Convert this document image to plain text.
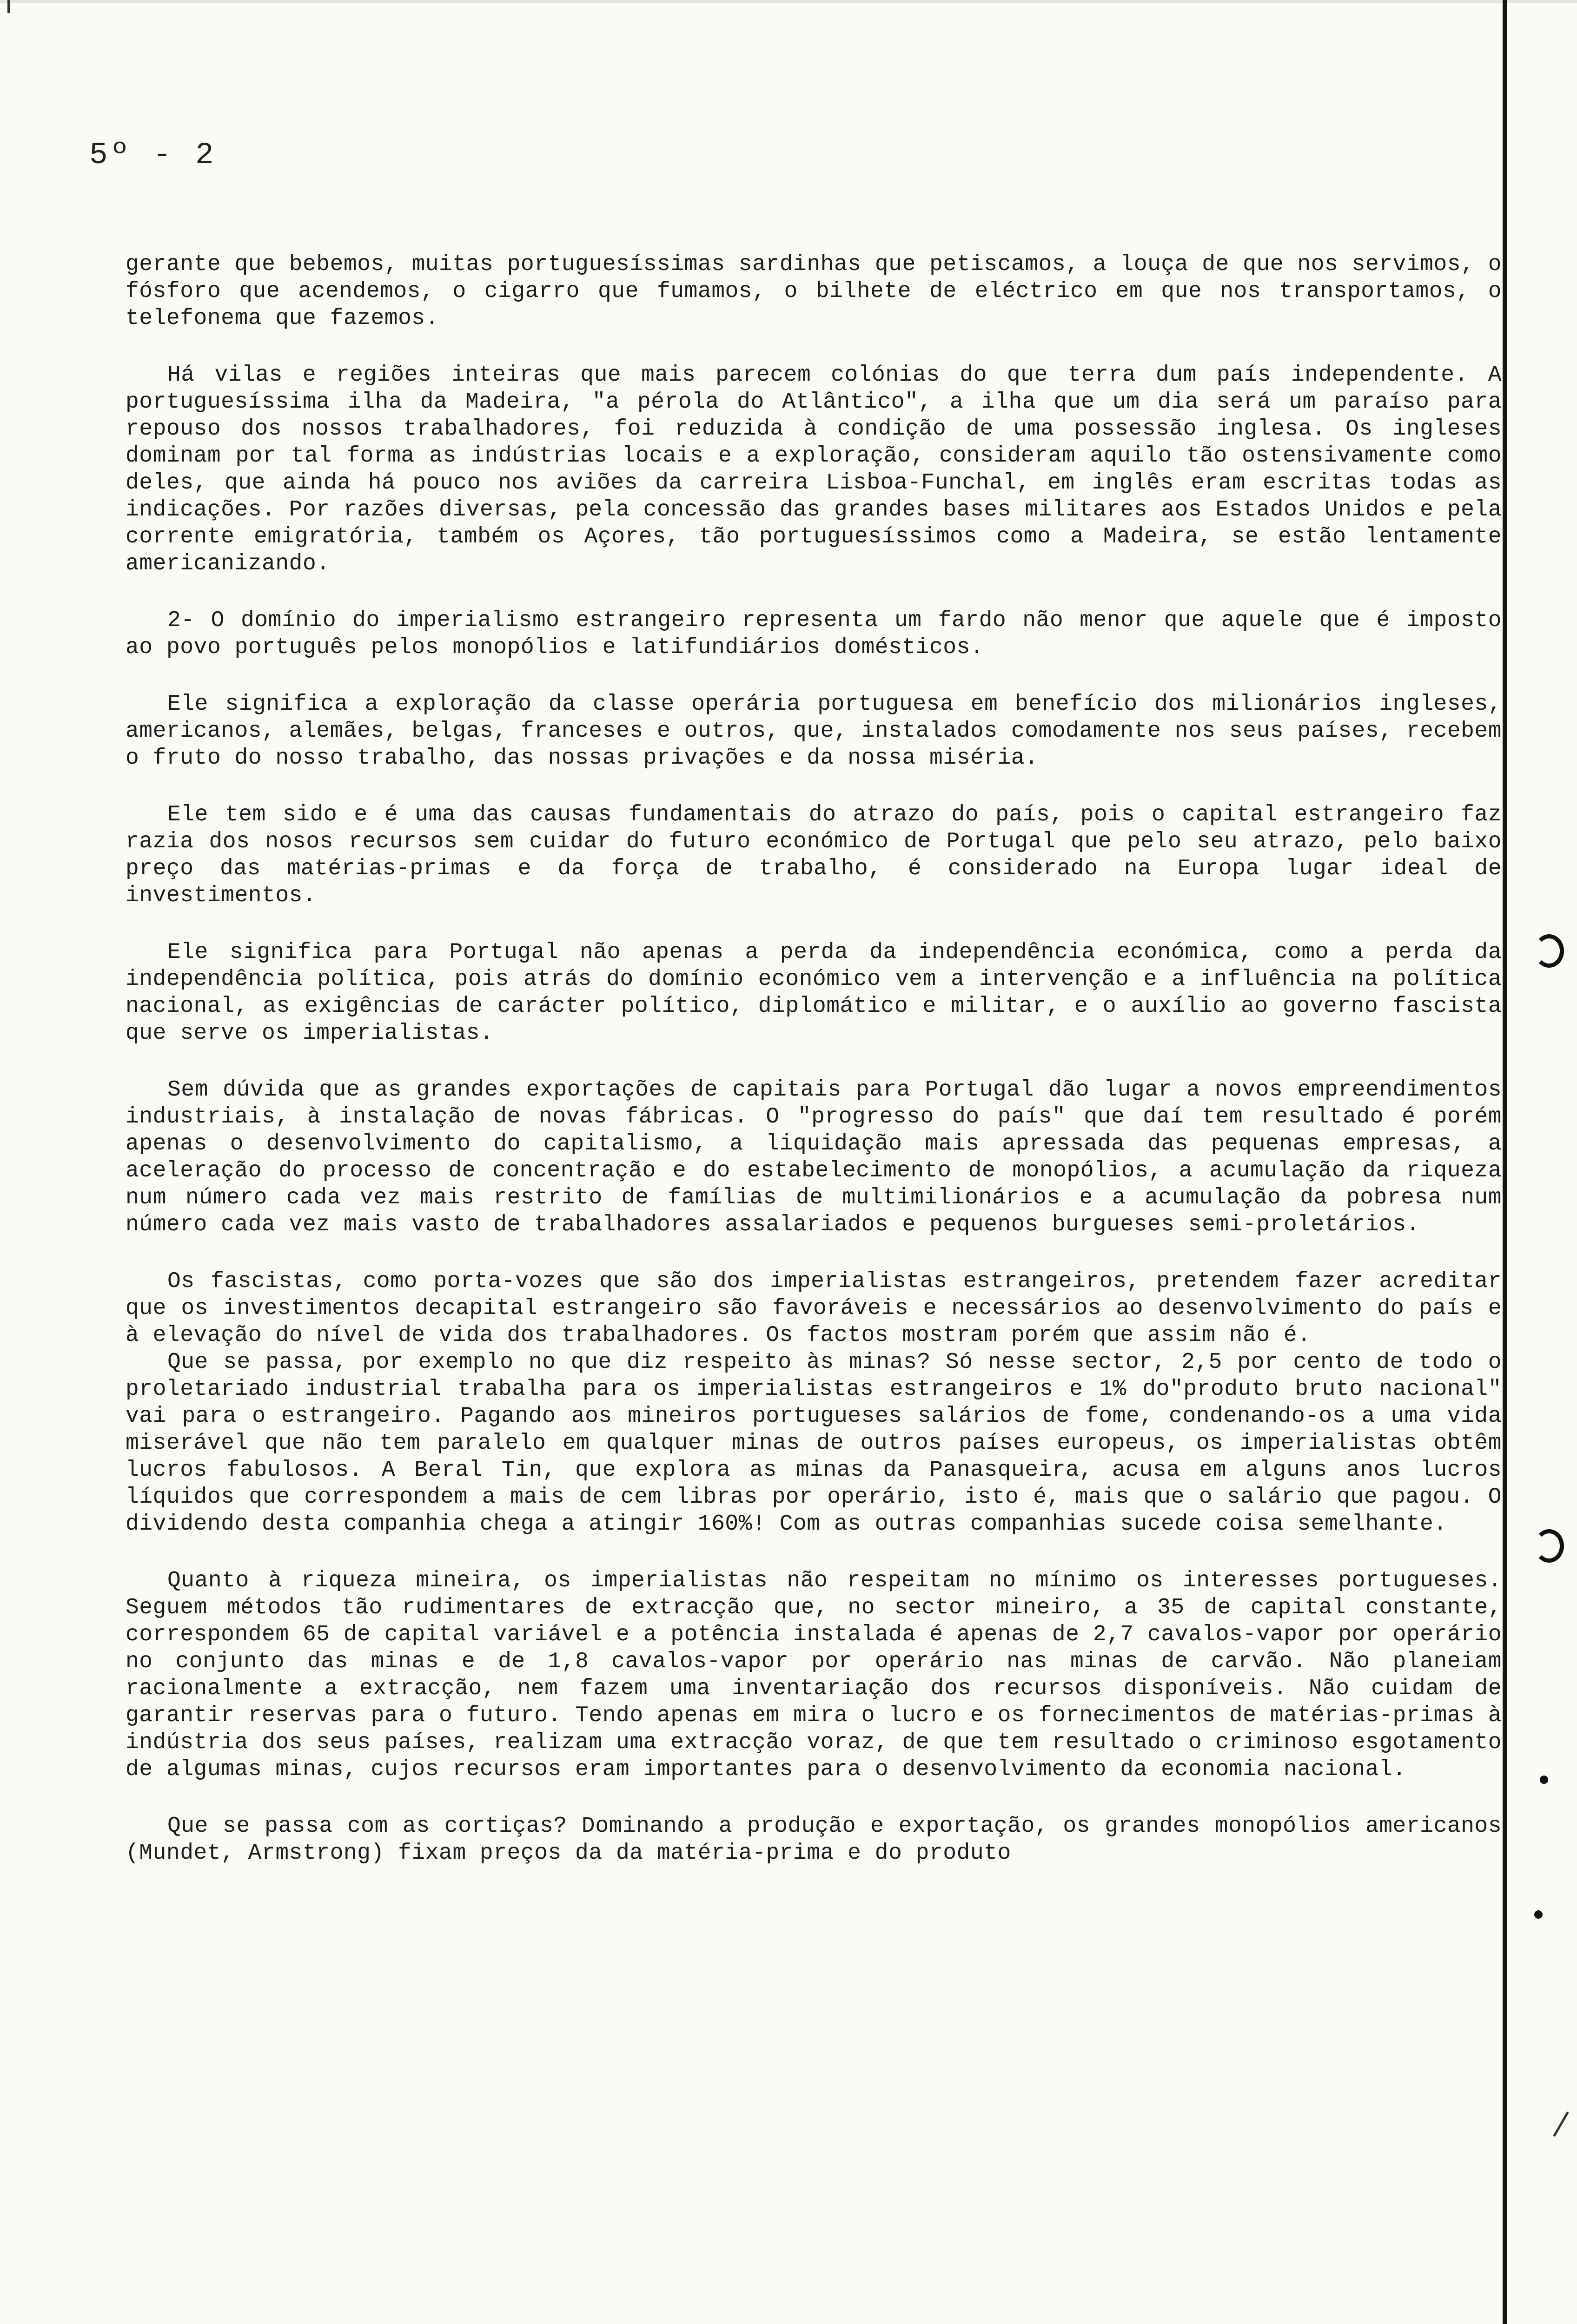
5º - 2

gerante que bebemos, muitas portuguesíssimas sardinhas que petiscamos, a louça de que nos servimos, o fósforo que acendemos, o cigarro que fumamos, o bilhete de eléctrico em que nos transportamos, o telefonema que fazemos.

Há vilas e regiões inteiras que mais parecem colónias do que terra dum país independente. A portuguesíssima ilha da Madeira, "a pérola do Atlântico", a ilha que um dia será um paraíso para repouso dos nossos trabalhadores, foi reduzida à condição de uma possessão inglesa. Os ingleses dominam por tal forma as indústrias locais e a exploração, consideram aquilo tão ostensivamente como deles, que ainda há pouco nos aviões da carreira Lisboa-Funchal, em inglês eram escritas todas as indicações. Por razões diversas, pela concessão das grandes bases militares aos Estados Unidos e pela corrente emigratória, também os Açores, tão portuguesíssimos como a Madeira, se estão lentamente americanizando.

2- O domínio do imperialismo estrangeiro representa um fardo não menor que aquele que é imposto ao povo português pelos monopólios e latifundiários domésticos.

Ele significa a exploração da classe operária portuguesa em benefício dos milionários ingleses, americanos, alemães, belgas, franceses e outros, que, instalados comodamente nos seus países, recebem o fruto do nosso trabalho, das nossas privações e da nossa miséria.

Ele tem sido e é uma das causas fundamentais do atrazo do país, pois o capital estrangeiro faz razia dos nosos recursos sem cuidar do futuro económico de Portugal que pelo seu atrazo, pelo baixo preço das matérias-primas e da força de trabalho, é considerado na Europa lugar ideal de investimentos.

Ele significa para Portugal não apenas a perda da independência económica, como a perda da independência política, pois atrás do domínio económico vem a intervenção e a influência na política nacional, as exigências de carácter político, diplomático e militar, e o auxílio ao governo fascista que serve os imperialistas.

Sem dúvida que as grandes exportações de capitais para Portugal dão lugar a novos empreendimentos industriais, à instalação de novas fábricas. O "progresso do país" que daí tem resultado é porém apenas o desenvolvimento do capitalismo, a liquidação mais apressada das pequenas empresas, a aceleração do processo de concentração e do estabelecimento de monopólios, a acumulação da riqueza num número cada vez mais restrito de famílias de multimilionários e a acumulação da pobresa num número cada vez mais vasto de trabalhadores assalariados e pequenos burgueses semi-proletários.

Os fascistas, como porta-vozes que são dos imperialistas estrangeiros, pretendem fazer acreditar que os investimentos decapital estrangeiro são favoráveis e necessários ao desenvolvimento do país e à elevação do nível de vida dos trabalhadores. Os factos mostram porém que assim não é.

Que se passa, por exemplo no que diz respeito às minas? Só nesse sector, 2,5 por cento de todo o proletariado industrial trabalha para os imperialistas estrangeiros e 1% do"produto bruto nacional" vai para o estrangeiro. Pagando aos mineiros portugueses salários de fome, condenando-os a uma vida miserável que não tem paralelo em qualquer minas de outros países europeus, os imperialistas obtêm lucros fabulosos. A Beral Tin, que explora as minas da Panasqueira, acusa em alguns anos lucros líquidos que correspondem a mais de cem libras por operário, isto é, mais que o salário que pagou. O dividendo desta companhia chega a atingir 160%! Com as outras companhias sucede coisa semelhante.

Quanto à riqueza mineira, os imperialistas não respeitam no mínimo os interesses portugueses. Seguem métodos tão rudimentares de extracção que, no sector mineiro, a 35 de capital constante, correspondem 65 de capital variável e a potência instalada é apenas de 2,7 cavalos-vapor por operário no conjunto das minas e de 1,8 cavalos-vapor por operário nas minas de carvão. Não planeiam racionalmente a extracção, nem fazem uma inventariação dos recursos disponíveis. Não cuidam de garantir reservas para o futuro. Tendo apenas em mira o lucro e os fornecimentos de matérias-primas à indústria dos seus países, realizam uma extracção voraz, de que tem resultado o criminoso esgotamento de algumas minas, cujos recursos eram importantes para o desenvolvimento da economia nacional.

Que se passa com as cortiças? Dominando a produção e exportação, os grandes monopólios americanos (Mundet, Armstrong) fixam preços da da matéria-prima e do produto
